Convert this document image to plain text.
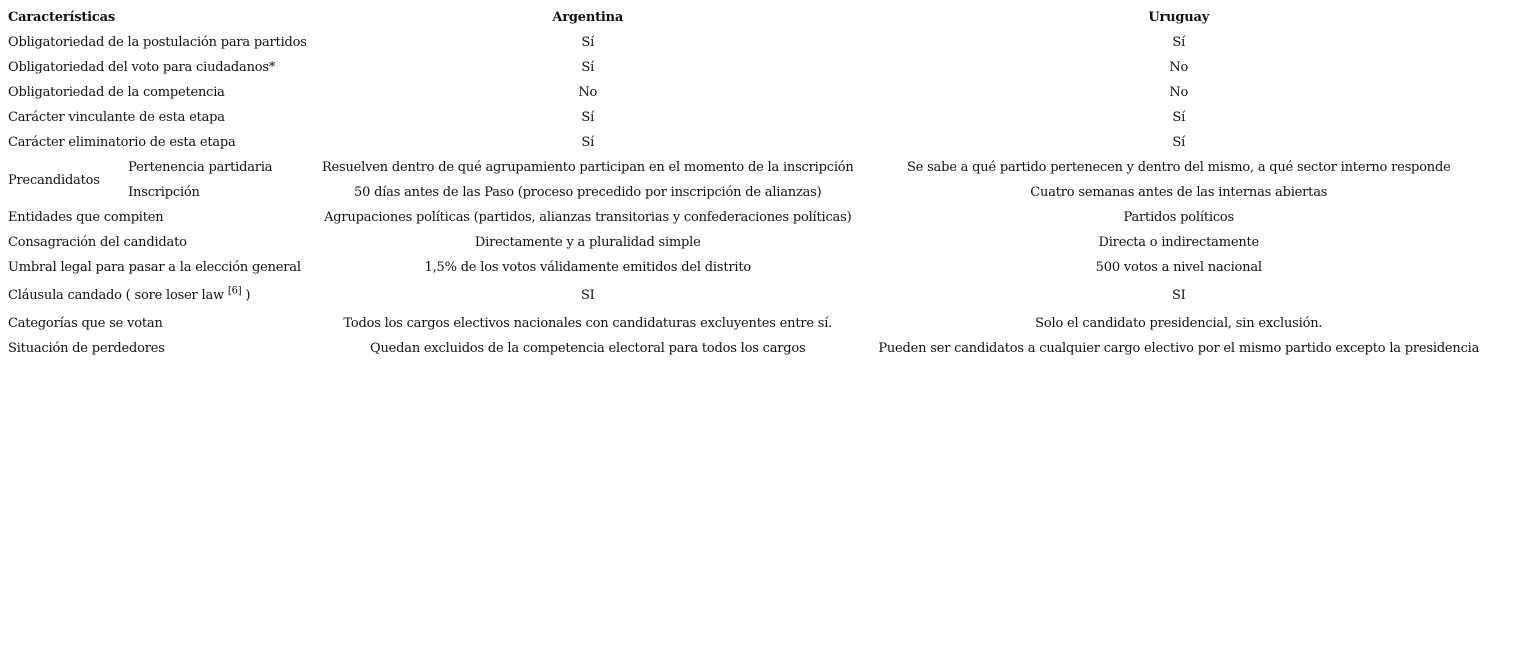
Características		Argentina	Uruguay
Obligatoriedad de la postulación para partidos		Sí	Sí
Obligatoriedad del voto para ciudadanos*		Sí	No
Obligatoriedad de la competencia		No	No
Carácter vinculante de esta etapa		Sí	Sí
Carácter eliminatorio de esta etapa		Sí	Sí
Precandidatos	Pertenencia partidaria	Resuelven dentro de qué agrupamiento participan en el momento de la inscripción	Se sabe a qué partido pertenecen y dentro del mismo, a qué sector interno responde
	Inscripción	50 días antes de las Paso (proceso precedido por inscripción de alianzas)	Cuatro semanas antes de las internas abiertas
Entidades que compiten		Agrupaciones políticas (partidos, alianzas transitorias y confederaciones políticas)	Partidos políticos
Consagración del candidato		Directamente y a pluralidad simple	Directa o indirectamente
Umbral legal para pasar a la elección general		1,5% de los votos válidamente emitidos del distrito	500 votos a nivel nacional
Cláusula candado ( sore loser law [6] )		SI	SI
Categorías que se votan		Todos los cargos electivos nacionales con candidaturas excluyentes entre sí.	Solo el candidato presidencial, sin exclusión.
Situación de perdedores		Quedan excluidos de la competencia electoral para todos los cargos	Pueden ser candidatos a cualquier cargo electivo por el mismo partido excepto la presidencia
